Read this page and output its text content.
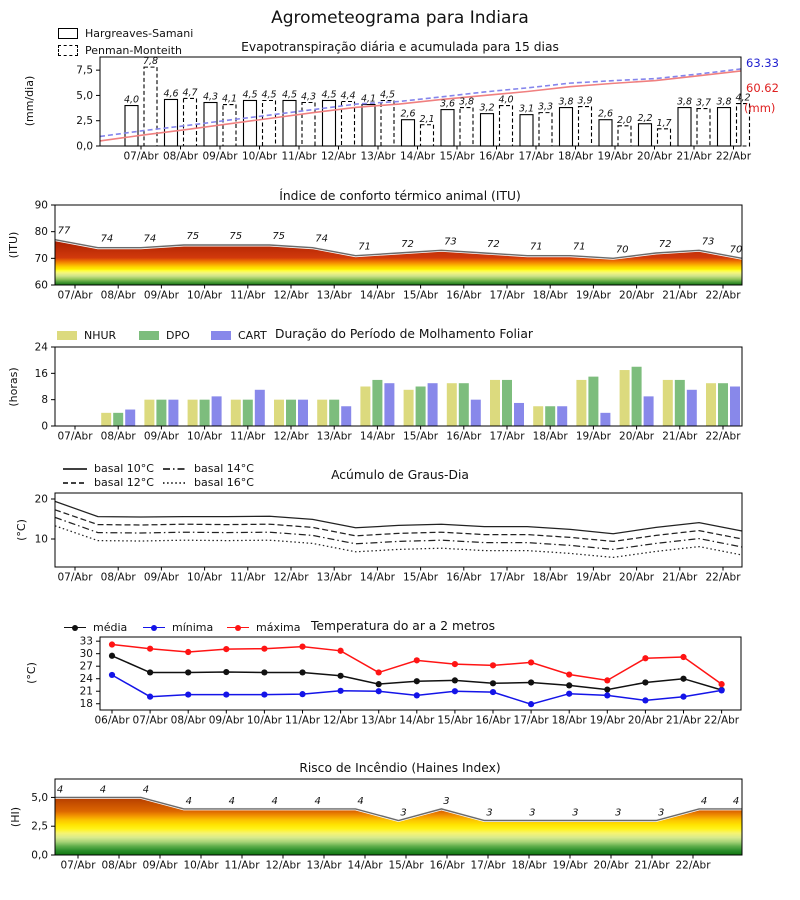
0,0
2,5
5,0
7,5
07/Abr 08/Abr 09/Abr 10/Abr 11/Abr 12/Abr 13/Abr 14/Abr 15/Abr 16/Abr 17/Abr 18/Abr 19/Abr 20/Abr 21/Abr 22/Abr
4,0
4,6	4,3	4,5	4,5	4,5	4,1
2,6
3,6	3,2	3,1
3,8
2,6	2,2
3,8	3,8
7,8
4,7
4,1	4,5	4,3	4,4	4,5
2,1
3,8	4,0
3,3
3,9
2,0	1,7
3,7	4,2
60
70
80
90
07/Abr 08/Abr 09/Abr 10/Abr 11/Abr 12/Abr 13/Abr 14/Abr 15/Abr 16/Abr 17/Abr 18/Abr 19/Abr 20/Abr 21/Abr 22/Abr
77
74	74	75	75	75	74
71	72	73	72	71	71	70	72	73
70
0,0
2,5
5,0
07/Abr 08/Abr 09/Abr 10/Abr 11/Abr 12/Abr 13/Abr 14/Abr 15/Abr 16/Abr 17/Abr 18/Abr 19/Abr 20/Abr 21/Abr 22/Abr
4	4	4
4	4	4	4	4
3
3
3	3	3	3	3
4	4
0
8
16
24
07/Abr 08/Abr 09/Abr 10/Abr 11/Abr 12/Abr 13/Abr 14/Abr 15/Abr 16/Abr 17/Abr 18/Abr 19/Abr 20/Abr 21/Abr 22/Abr
10
20
07/Abr 08/Abr 09/Abr 10/Abr 11/Abr 12/Abr 13/Abr 14/Abr 15/Abr 16/Abr 17/Abr 18/Abr 19/Abr 20/Abr 21/Abr 22/Abr
18
21
24
27
30
33
06/Abr 07/Abr 08/Abr 09/Abr 10/Abr 11/Abr 12/Abr 13/Abr 14/Abr 15/Abr 16/Abr 17/Abr 18/Abr 19/Abr 20/Abr 21/Abr 22/Abr
Agrometeograma para Indiara
Evapotranspiração diária e acumulada para 15 dias
Hargreaves-Samani
Penman-Monteith
(mm/dia)
63.33
60.62
(mm)
Índice de conforto térmico animal (ITU)
(ITU)
Duração do Período de Molhamento Foliar
NHUR	DPO	CART
(horas)
Acúmulo de Graus-Dia
basal 10°C
basal 12°C
basal 14°C
basal 16°C
(°C)
Temperatura do ar a 2 metros
média	mínima	máxima
(°C)
Risco de Incêndio (Haines Index)
(HI)
